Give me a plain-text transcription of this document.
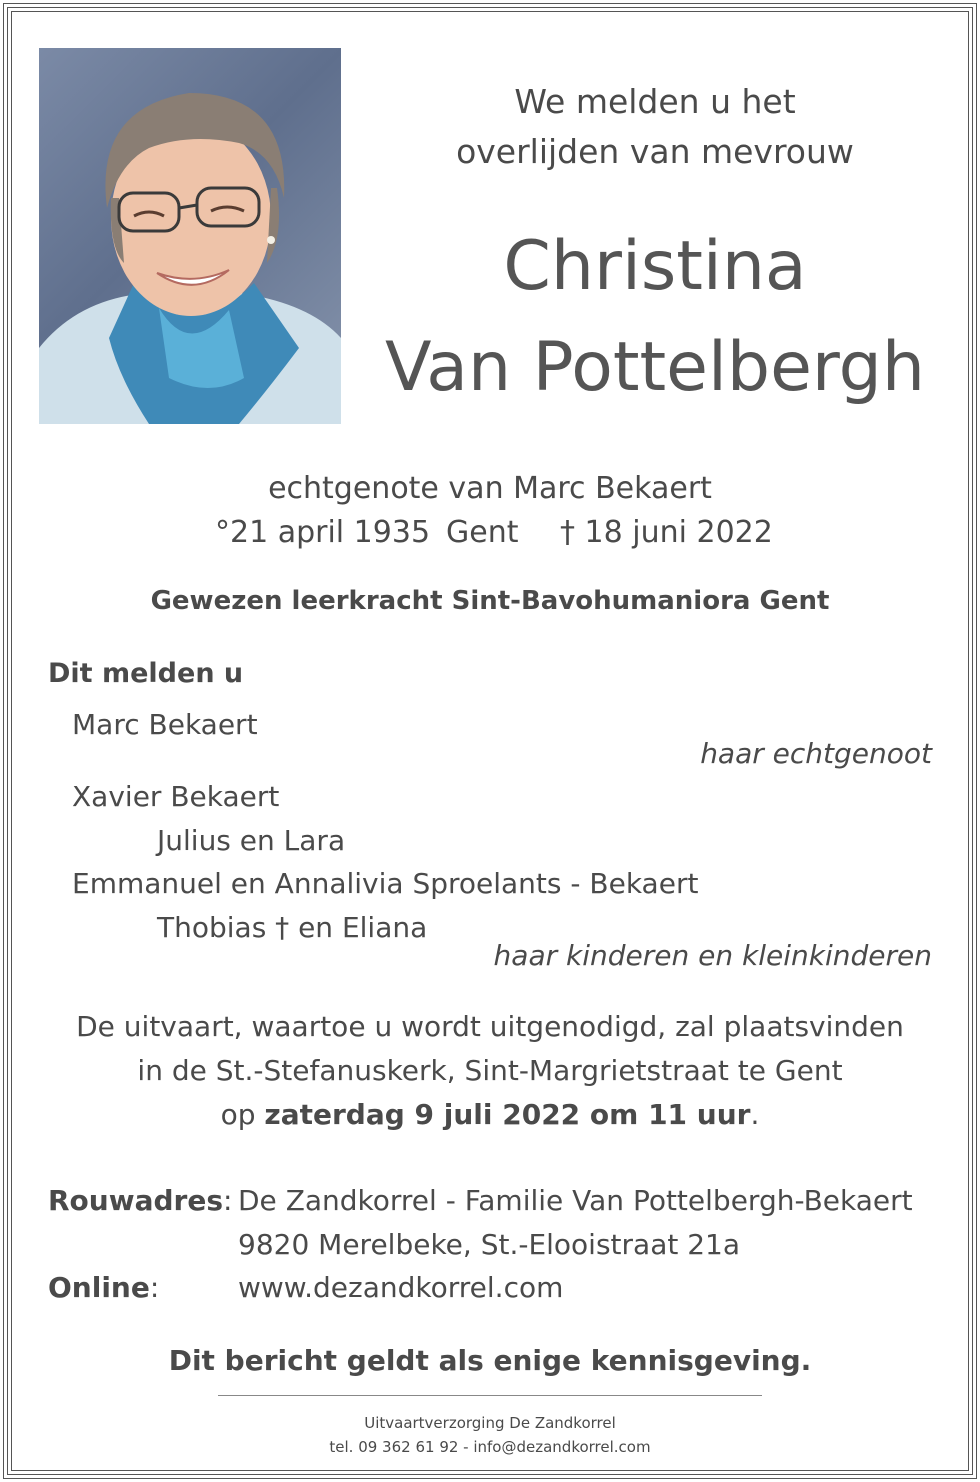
We melden u het
overlijden van mevrouw
Christina
Van Pottelbergh
echtgenote van Marc Bekaert
°21 april 1935 Gent † 18 juni 2022
Gewezen leerkracht Sint-Bavohumaniora Gent
Dit melden u
Marc Bekaert
haar echtgenoot
Xavier Bekaert
Julius en Lara
Emmanuel en Annalivia Sproelants - Bekaert
Thobias † en Eliana
haar kinderen en kleinkinderen
De uitvaart, waartoe u wordt uitgenodigd, zal plaatsvinden
in de St.-Stefanuskerk, Sint-Margrietstraat te Gent
op zaterdag 9 juli 2022 om 11 uur.
Rouwadres: De Zandkorrel - Familie Van Pottelbergh-Bekaert
9820 Merelbeke, St.-Elooistraat 21a
Online:	www.dezandkorrel.com
Dit bericht geldt als enige kennisgeving.
Uitvaartverzorging De Zandkorrel
tel. 09 362 61 92 - info@dezandkorrel.com
